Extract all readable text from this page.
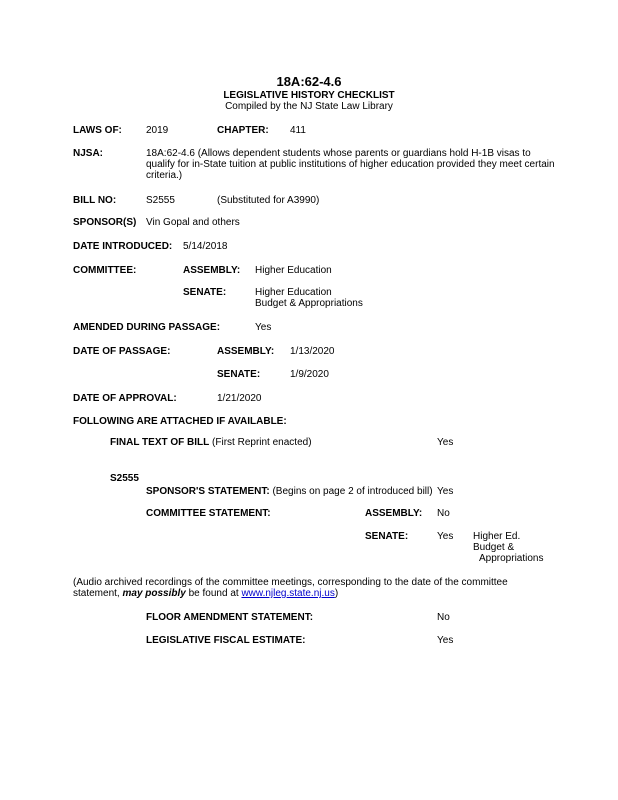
18A:62-4.6
LEGISLATIVE HISTORY CHECKLIST
Compiled by the NJ State Law Library
LAWS OF: 2019	CHAPTER: 411
NJSA:	18A:62-4.6 (Allows dependent students whose parents or guardians hold H-1B visas to
qualify for in-State tuition at public institutions of higher education provided they meet certain
criteria.)
BILL NO:	S2555	(Substituted for A3990)
SPONSOR(S) Vin Gopal and others
DATE INTRODUCED: 5/14/2018
COMMITTEE:	ASSEMBLY: Higher Education
SENATE:	Higher Education
Budget & Appropriations
AMENDED DURING PASSAGE:	Yes
DATE OF PASSAGE:	ASSEMBLY: 1/13/2020
SENATE:	1/9/2020
DATE OF APPROVAL:	1/21/2020
FOLLOWING ARE ATTACHED IF AVAILABLE:
FINAL TEXT OF BILL (First Reprint enacted)	Yes
S2555
SPONSOR'S STATEMENT: (Begins on page 2 of introduced bill) Yes
COMMITTEE STATEMENT:	ASSEMBLY: No
SENATE:	Yes Higher Ed.
Budget &
Appropriations
(Audio archived recordings of the committee meetings, corresponding to the date of the committee
statement, may possibly be found at www.njleg.state.nj.us)
FLOOR AMENDMENT STATEMENT:	No
LEGISLATIVE FISCAL ESTIMATE:	Yes
